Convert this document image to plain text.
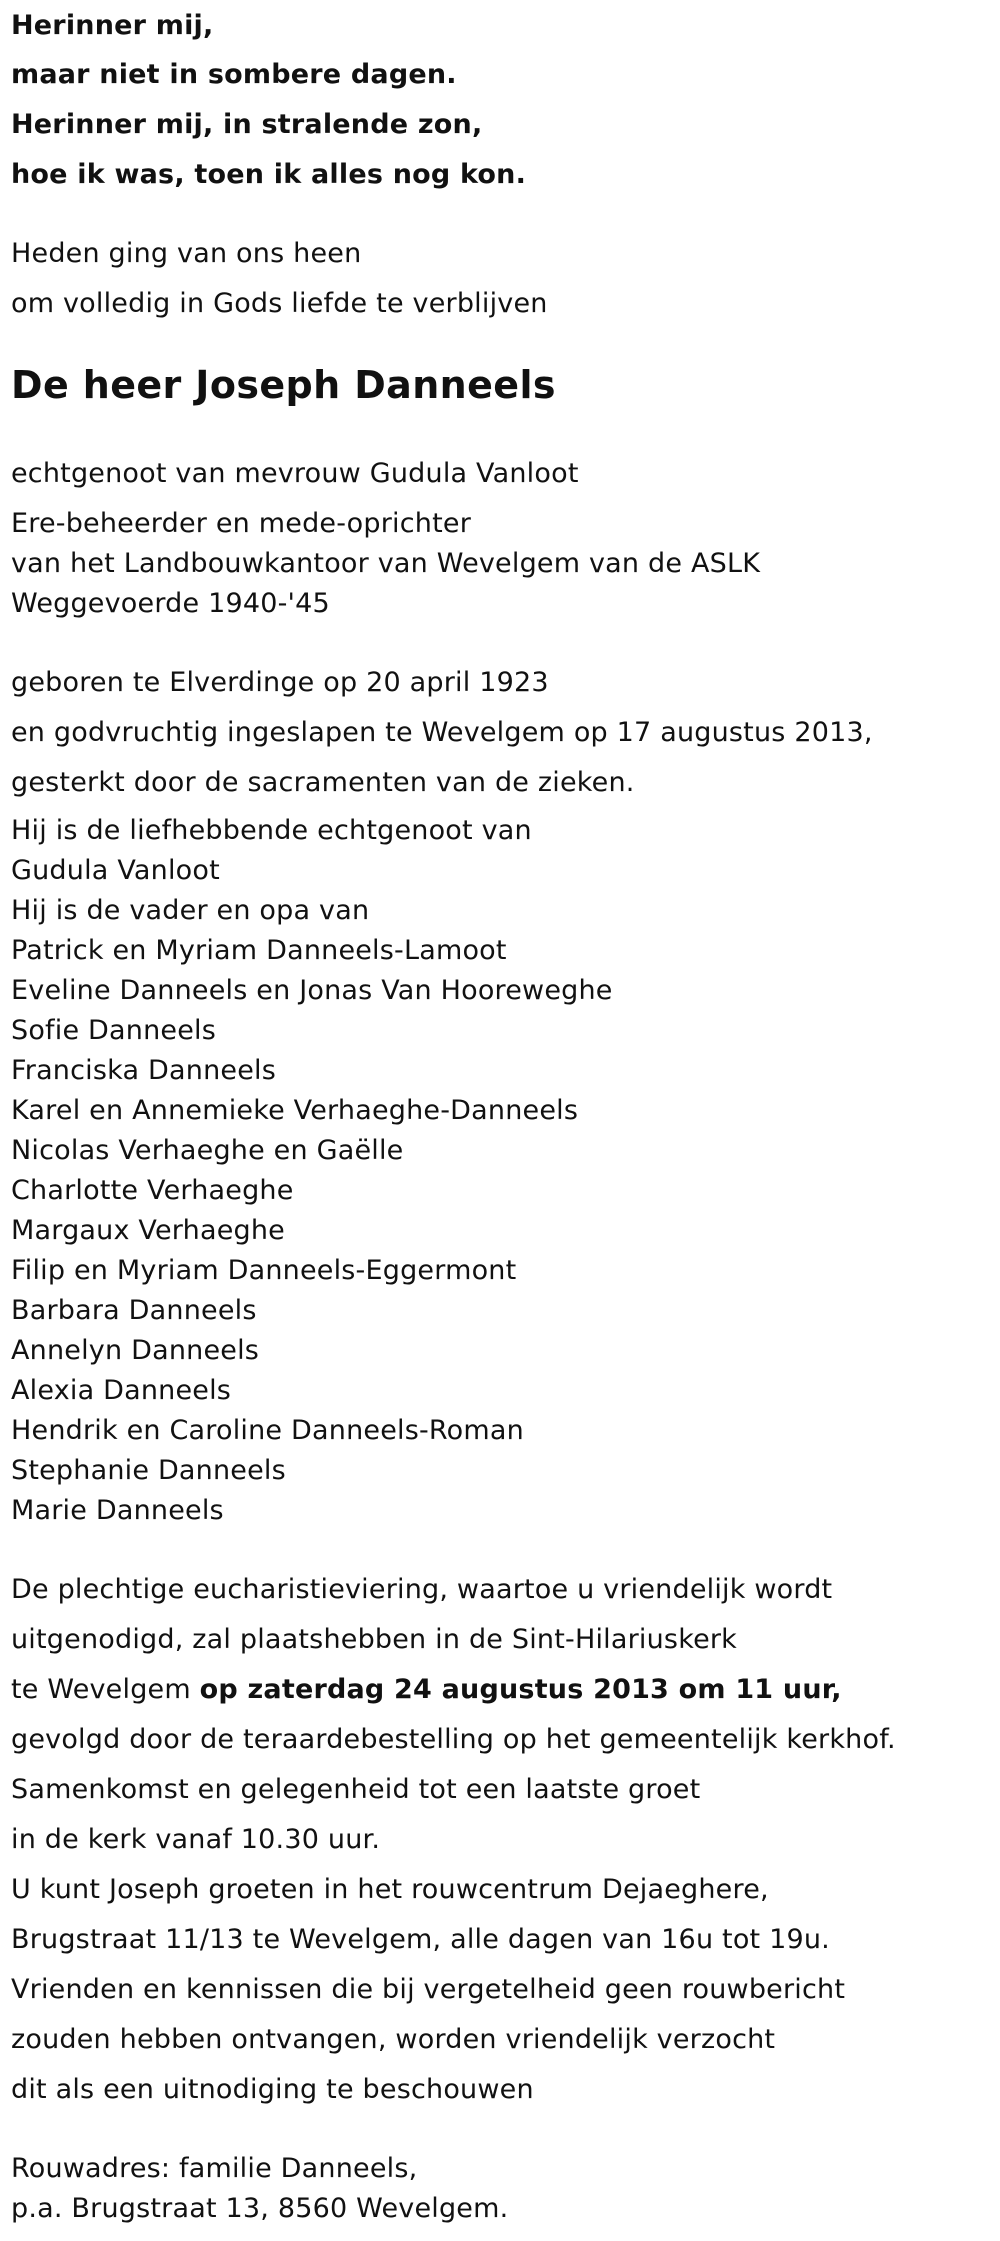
Herinner mij,
maar niet in sombere dagen.
Herinner mij, in stralende zon,
hoe ik was, toen ik alles nog kon.
Heden ging van ons heen
om volledig in Gods liefde te verblijven
De heer Joseph Danneels
echtgenoot van mevrouw Gudula Vanloot
Ere-beheerder en mede-oprichter
van het Landbouwkantoor van Wevelgem van de ASLK
Weggevoerde 1940-'45
geboren te Elverdinge op 20 april 1923
en godvruchtig ingeslapen te Wevelgem op 17 augustus 2013,
gesterkt door de sacramenten van de zieken.
Hij is de liefhebbende echtgenoot van
Gudula Vanloot
Hij is de vader en opa van
Patrick en Myriam Danneels-Lamoot
Eveline Danneels en Jonas Van Hooreweghe
Sofie Danneels
Franciska Danneels
Karel en Annemieke Verhaeghe-Danneels
Nicolas Verhaeghe en Gaëlle
Charlotte Verhaeghe
Margaux Verhaeghe
Filip en Myriam Danneels-Eggermont
Barbara Danneels
Annelyn Danneels
Alexia Danneels
Hendrik en Caroline Danneels-Roman
Stephanie Danneels
Marie Danneels
De plechtige eucharistieviering, waartoe u vriendelijk wordt
uitgenodigd, zal plaatshebben in de Sint-Hilariuskerk
te Wevelgem op zaterdag 24 augustus 2013 om 11 uur,
gevolgd door de teraardebestelling op het gemeentelijk kerkhof.
Samenkomst en gelegenheid tot een laatste groet
in de kerk vanaf 10.30 uur.
U kunt Joseph groeten in het rouwcentrum Dejaeghere,
Brugstraat 11/13 te Wevelgem, alle dagen van 16u tot 19u.
Vrienden en kennissen die bij vergetelheid geen rouwbericht
zouden hebben ontvangen, worden vriendelijk verzocht
dit als een uitnodiging te beschouwen
Rouwadres: familie Danneels,
p.a. Brugstraat 13, 8560 Wevelgem.
